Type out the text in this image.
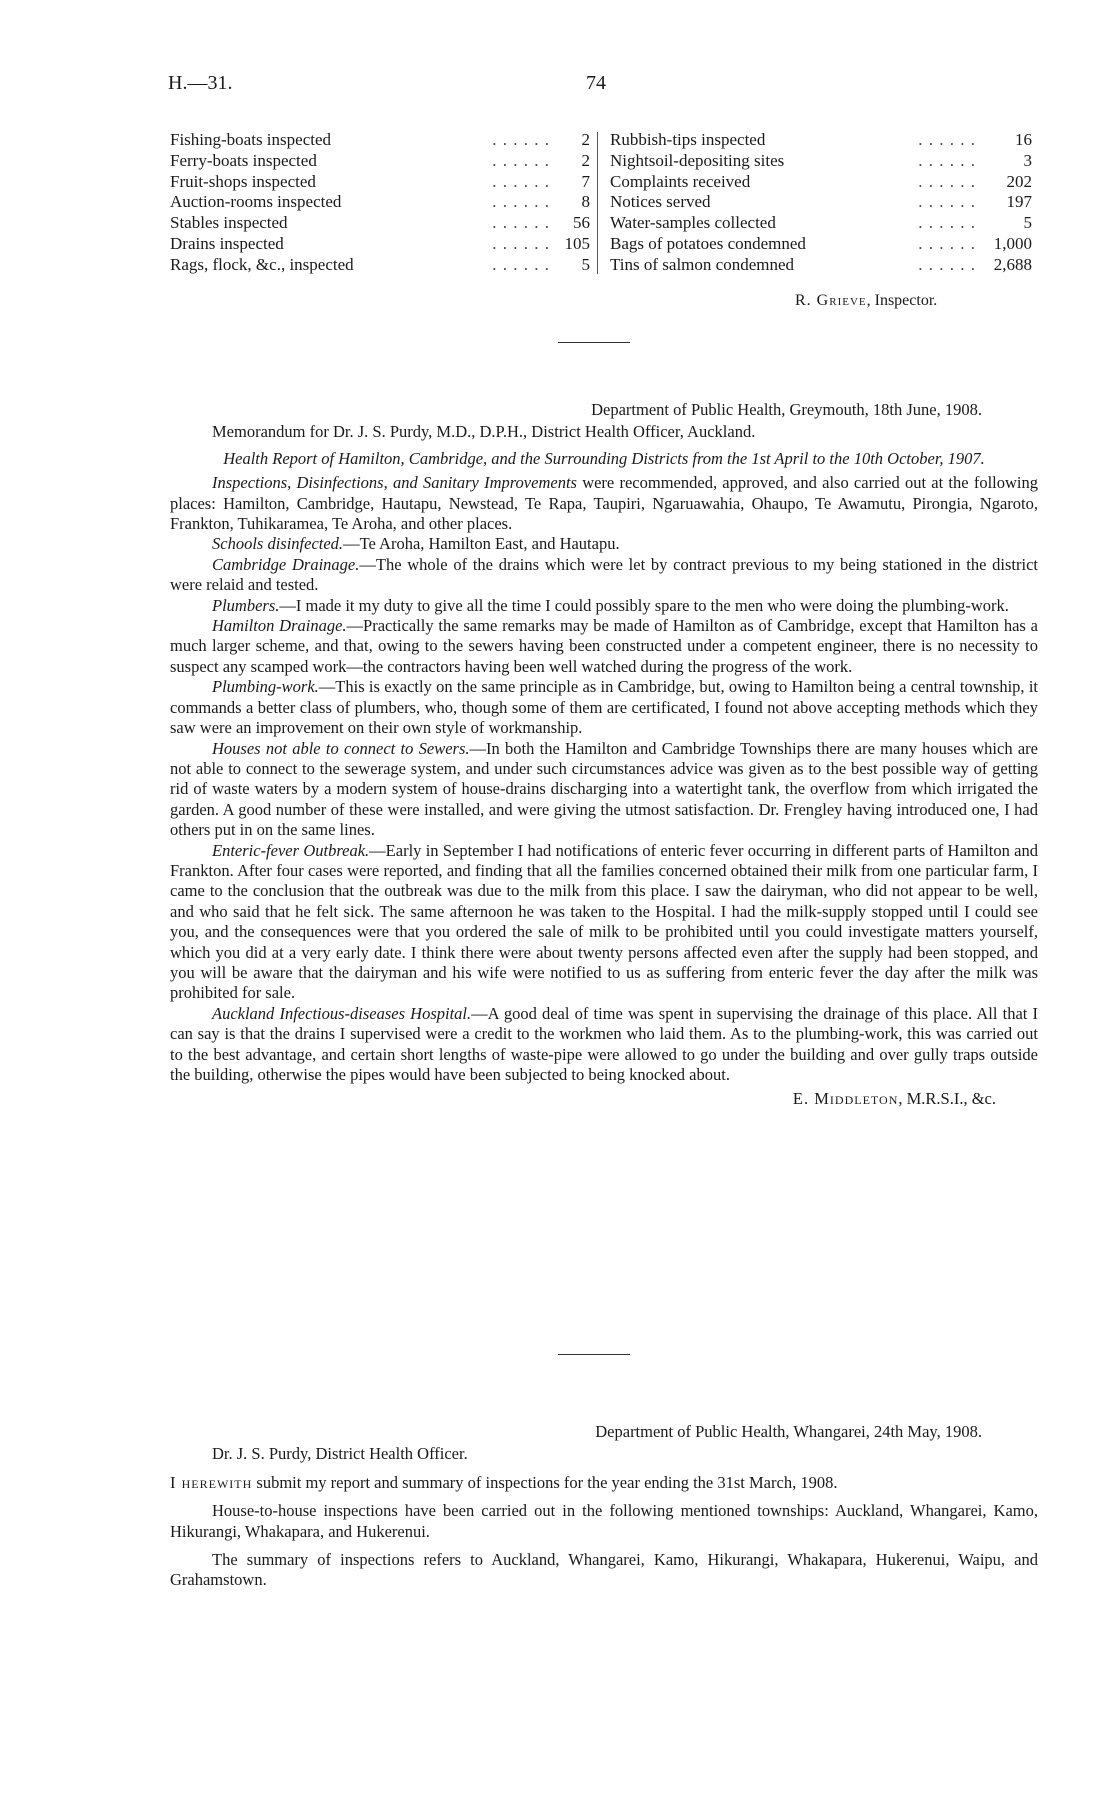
H.—31.	74
Fishing-boats inspected	. . . . . .	2
Ferry-boats inspected	. . . . . .	2
Fruit-shops inspected	. . . . . .	7
Auction-rooms inspected	. . . . . .	8
Stables inspected	. . . . . .	56
Drains inspected	. . . . . . 105
Rags, flock, &c., inspected	. . . . . .	5
Rubbish-tips inspected	. . . . . .	16
Nightsoil-depositing sites	. . . . . .	3
Complaints received	. . . . . .	202
Notices served	. . . . . .	197
Water-samples collected	. . . . . .	5
Bags of potatoes condemned	. . . . . .	1,000
Tins of salmon condemned	. . . . . .	2,688
R. Grieve, Inspector.
Department of Public Health, Greymouth, 18th June, 1908.

Memorandum for Dr. J. S. Purdy, M.D., D.P.H., District Health Officer, Auckland.

Health Report of Hamilton, Cambridge, and the Surrounding Districts from the 1st April to the 10th October, 1907.

Inspections, Disinfections, and Sanitary Improvements were recommended, approved, and also carried out at the following places: Hamilton, Cambridge, Hautapu, Newstead, Te Rapa, Taupiri, Ngaruawahia, Ohaupo, Te Awamutu, Pirongia, Ngaroto, Frankton, Tuhikaramea, Te Aroha, and other places.

Schools disinfected.—Te Aroha, Hamilton East, and Hautapu.

Cambridge Drainage.—The whole of the drains which were let by contract previous to my being stationed in the district were relaid and tested.

Plumbers.—I made it my duty to give all the time I could possibly spare to the men who were doing the plumbing-work.

Hamilton Drainage.—Practically the same remarks may be made of Hamilton as of Cambridge, except that Hamilton has a much larger scheme, and that, owing to the sewers having been constructed under a competent engineer, there is no necessity to suspect any scamped work—the contractors having been well watched during the progress of the work.

Plumbing-work.—This is exactly on the same principle as in Cambridge, but, owing to Hamilton being a central township, it commands a better class of plumbers, who, though some of them are certificated, I found not above accepting methods which they saw were an improvement on their own style of workmanship.

Houses not able to connect to Sewers.—In both the Hamilton and Cambridge Townships there are many houses which are not able to connect to the sewerage system, and under such circumstances advice was given as to the best possible way of getting rid of waste waters by a modern system of house-drains discharging into a watertight tank, the overflow from which irrigated the garden. A good number of these were installed, and were giving the utmost satisfaction. Dr. Frengley having introduced one, I had others put in on the same lines.

Enteric-fever Outbreak.—Early in September I had notifications of enteric fever occurring in different parts of Hamilton and Frankton. After four cases were reported, and finding that all the families concerned obtained their milk from one particular farm, I came to the conclusion that the outbreak was due to the milk from this place. I saw the dairyman, who did not appear to be well, and who said that he felt sick. The same afternoon he was taken to the Hospital. I had the milk-supply stopped until I could see you, and the consequences were that you ordered the sale of milk to be prohibited until you could investigate matters yourself, which you did at a very early date. I think there were about twenty persons affected even after the supply had been stopped, and you will be aware that the dairyman and his wife were notified to us as suffering from enteric fever the day after the milk was prohibited for sale.

Auckland Infectious-diseases Hospital.—A good deal of time was spent in supervising the drainage of this place. All that I can say is that the drains I supervised were a credit to the workmen who laid them. As to the plumbing-work, this was carried out to the best advantage, and certain short lengths of waste-pipe were allowed to go under the building and over gully traps outside the building, otherwise the pipes would have been subjected to being knocked about.

E. Middleton, M.R.S.I., &c.
Department of Public Health, Whangarei, 24th May, 1908.

Dr. J. S. Purdy, District Health Officer.

I herewith submit my report and summary of inspections for the year ending the 31st March, 1908.

House-to-house inspections have been carried out in the following mentioned townships: Auckland, Whangarei, Kamo, Hikurangi, Whakapara, and Hukerenui.

The summary of inspections refers to Auckland, Whangarei, Kamo, Hikurangi, Whakapara, Hukerenui, Waipu, and Grahamstown.
